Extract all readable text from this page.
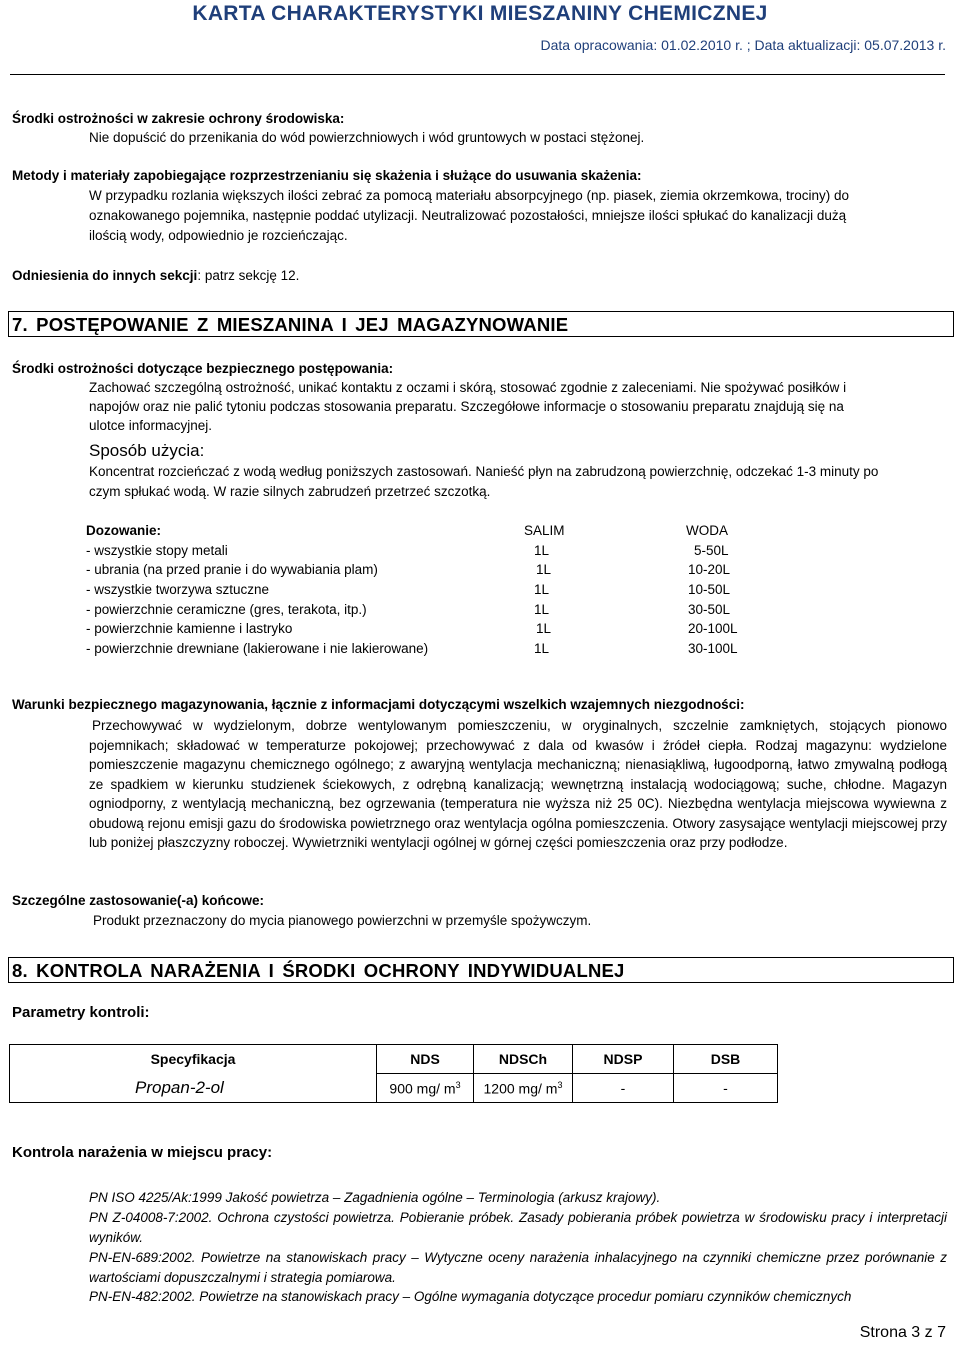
KARTA CHARAKTERYSTYKI MIESZANINY CHEMICZNEJ
Data opracowania: 01.02.2010 r. ; Data aktualizacji: 05.07.2013 r.
Środki ostrożności w zakresie ochrony środowiska:
Nie dopuścić do przenikania do wód powierzchniowych i wód gruntowych w postaci stężonej.
Metody i materiały zapobiegające rozprzestrzenianiu się skażenia i służące do usuwania skażenia:
W przypadku rozlania większych ilości zebrać za pomocą materiału absorpcyjnego (np. piasek, ziemia okrzemkowa, trociny) do
oznakowanego pojemnika, następnie poddać utylizacji. Neutralizować pozostałości, mniejsze ilości spłukać do kanalizacji dużą
ilością wody, odpowiednio je rozcieńczając.
Odniesienia do innych sekcji: patrz sekcję 12.
7. POSTĘPOWANIE Z MIESZANINA I JEJ MAGAZYNOWANIE
Środki ostrożności dotyczące bezpiecznego postępowania:
Zachować szczególną ostrożność, unikać kontaktu z oczami i skórą, stosować zgodnie z zaleceniami. Nie spożywać posiłków i
napojów oraz nie palić tytoniu podczas stosowania preparatu. Szczegółowe informacje o stosowaniu preparatu znajdują się na
ulotce informacyjnej.
Sposób użycia:
Koncentrat rozcieńczać z wodą według poniższych zastosowań. Nanieść płyn na zabrudzoną powierzchnię, odczekać 1-3 minuty po
czym spłukać wodą. W razie silnych zabrudzeń przetrzeć szczotką.
Dozowanie:	SALIM	WODA
- wszystkie stopy metali	1L	5-50L
- ubrania (na przed pranie i do wywabiania plam)	1L	10-20L
- wszystkie tworzywa sztuczne	1L	10-50L
- powierzchnie ceramiczne (gres, terakota, itp.)	1L	30-50L
- powierzchnie kamienne i lastryko	1L	20-100L
- powierzchnie drewniane (lakierowane i nie lakierowane)	1L	30-100L
Warunki bezpiecznego magazynowania, łącznie z informacjami dotyczącymi wszelkich wzajemnych niezgodności:
Przechowywać w wydzielonym, dobrze wentylowanym pomieszczeniu, w oryginalnych, szczelnie zamkniętych, stojących pionowo pojemnikach; składować w temperaturze pokojowej; przechowywać z dala od kwasów i źródeł ciepła. Rodzaj magazynu: wydzielone pomieszczenie magazynu chemicznego ogólnego; z awaryjną wentylacja mechaniczną; nienasiąkliwą, ługoodporną, łatwo zmywalną podłogą ze spadkiem w kierunku studzienek ściekowych, z odrębną kanalizacją; wewnętrzną instalacją wodociągową; suche, chłodne. Magazyn ogniodporny, z wentylacją mechaniczną, bez ogrzewania (temperatura nie wyższa niż 25 0C). Niezbędna wentylacja miejscowa wywiewna z obudową rejonu emisji gazu do środowiska powietrznego oraz wentylacja ogólna pomieszczenia. Otwory zasysające wentylacji miejscowej przy lub poniżej płaszczyzny roboczej. Wywietrzniki wentylacji ogólnej w górnej części pomieszczenia oraz przy podłodze.
Szczególne zastosowanie(-a) końcowe:
Produkt przeznaczony do mycia pianowego powierzchni w przemyśle spożywczym.
8. KONTROLA NARAŻENIA I ŚRODKI OCHRONY INDYWIDUALNEJ
Parametry kontroli:
Specyfikacja	NDS	NDSCh	NDSP	DSB
Propan-2-ol	900 mg/ $m^3$	1200 mg/ $m^3$	-	-
Kontrola narażenia w miejscu pracy:
PN ISO 4225/Ak:1999 Jakość powietrza – Zagadnienia ogólne – Terminologia (arkusz krajowy).
PN Z-04008-7:2002. Ochrona czystości powietrza. Pobieranie próbek. Zasady pobierania próbek powietrza w środowisku pracy i interpretacji wyników.
PN-EN-689:2002. Powietrze na stanowiskach pracy – Wytyczne oceny narażenia inhalacyjnego na czynniki chemiczne przez porównanie z wartościami dopuszczalnymi i strategia pomiarowa.
PN-EN-482:2002. Powietrze na stanowiskach pracy – Ogólne wymagania dotyczące procedur pomiaru czynników chemicznych
Strona 3 z 7
